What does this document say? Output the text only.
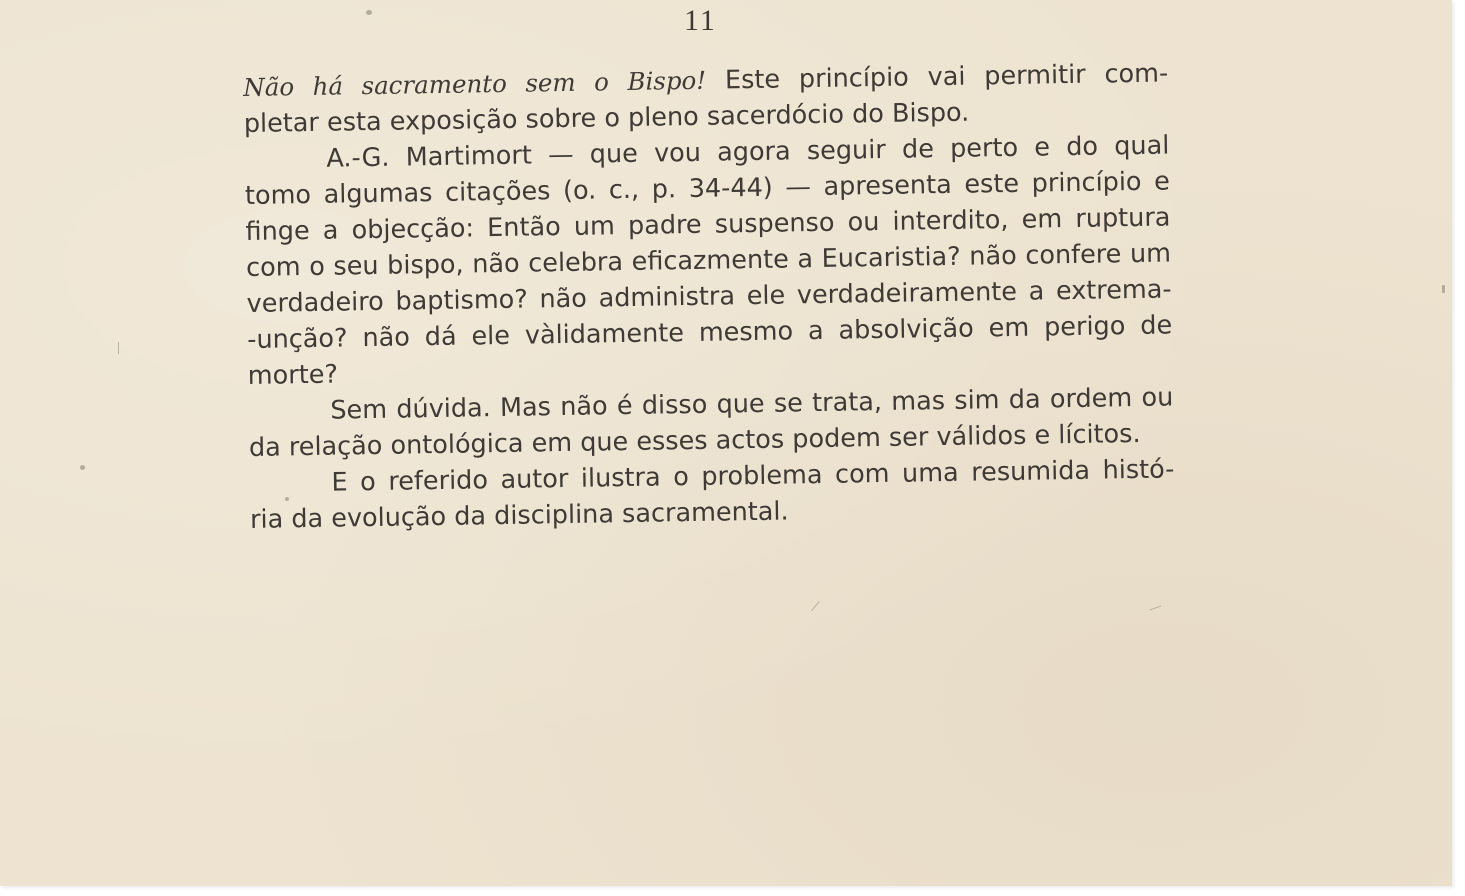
11

Não há sacramento sem o Bispo! Este princípio vai permitir com-

pletar esta exposição sobre o pleno sacerdócio do Bispo.

A.-G. Martimort — que vou agora seguir de perto e do qual

tomo algumas citações (o. c., p. 34-44) — apresenta este princípio e

finge a objecção: Então um padre suspenso ou interdito, em ruptura

com o seu bispo, não celebra eficazmente a Eucaristia? não confere um

verdadeiro baptismo? não administra ele verdadeiramente a extrema-

-unção? não dá ele vàlidamente mesmo a absolvição em perigo de

morte?

Sem dúvida. Mas não é disso que se trata, mas sim da ordem ou

da relação ontológica em que esses actos podem ser válidos e lícitos.

E o referido autor ilustra o problema com uma resumida histó-

ria da evolução da disciplina sacramental.
